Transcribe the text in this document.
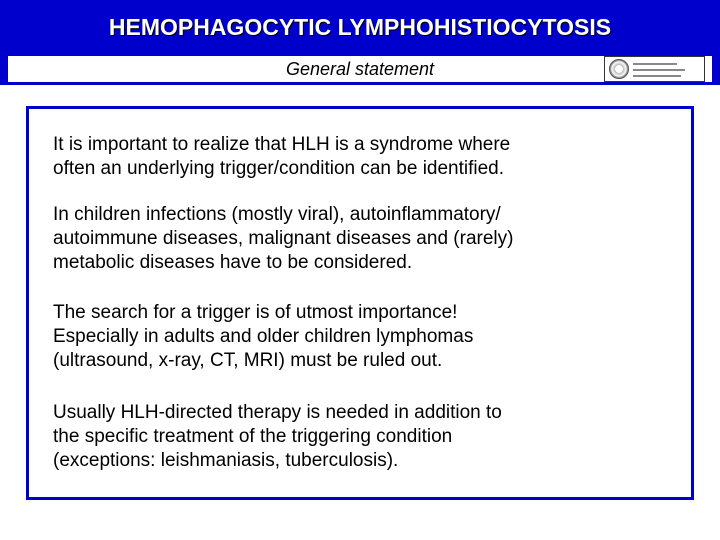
HEMOPHAGOCYTIC LYMPHOHISTIOCYTOSIS
General statement
It is important to realize that HLH is a syndrome where
often an underlying trigger/condition can be identified.
In children infections (mostly viral), autoinflammatory/
autoimmune diseases, malignant diseases and (rarely)
metabolic diseases have to be considered.
The search for a trigger is of utmost importance!
Especially in adults and older children lymphomas
(ultrasound, x-ray, CT, MRI) must be ruled out.
Usually HLH-directed therapy is needed in addition to
the specific treatment of the triggering condition
(exceptions: leishmaniasis, tuberculosis).
